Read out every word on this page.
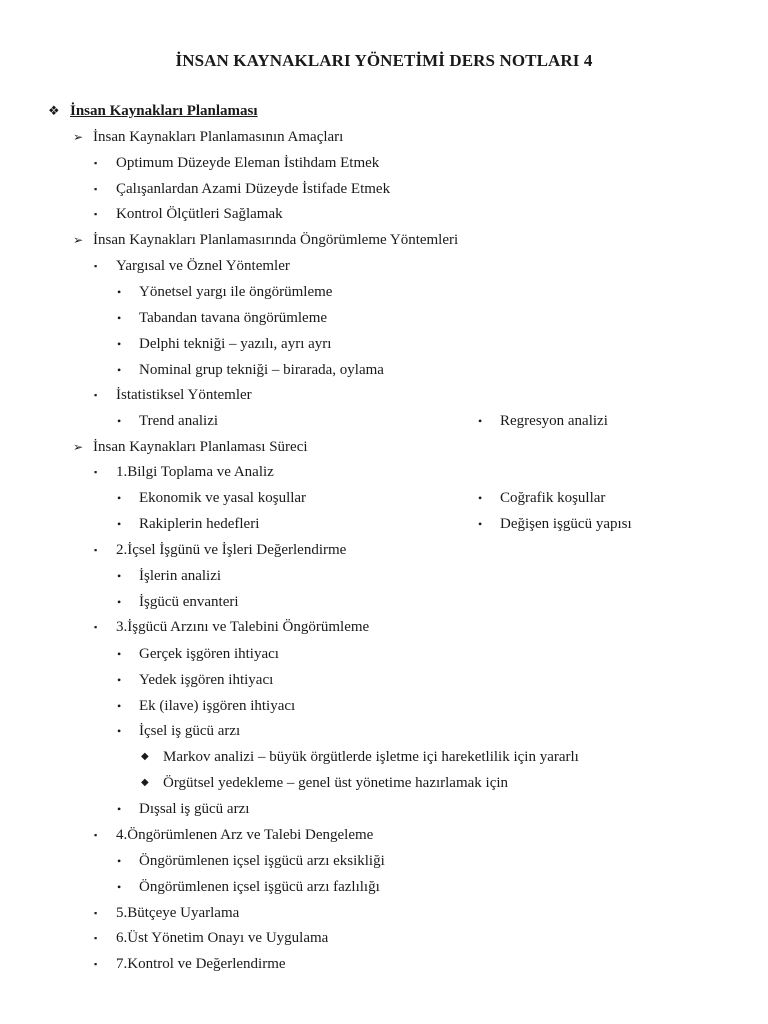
İNSAN KAYNAKLARI YÖNETİMİ DERS NOTLARI 4
❖ İnsan Kaynakları Planlaması
➢ İnsan Kaynakları Planlamasının Amaçları
▪ Optimum Düzeyde Eleman İstihdam Etmek
▪ Çalışanlardan Azami Düzeyde İstifade Etmek
▪ Kontrol Ölçütleri Sağlamak
➢ İnsan Kaynakları Planlamasırında Öngörümleme Yöntemleri
▪ Yargısal ve Öznel Yöntemler
• Yönetsel yargı ile öngörümleme
• Tabandan tavana öngörümleme
• Delphi tekniği – yazılı, ayrı ayrı
• Nominal grup tekniği – birarada, oylama
▪ İstatistiksel Yöntemler
• Trend analizi	• Regresyon analizi
➢ İnsan Kaynakları Planlaması Süreci
▪ 1.Bilgi Toplama ve Analiz
• Ekonomik ve yasal koşullar	• Coğrafik koşullar
• Rakiplerin hedefleri	• Değişen işgücü yapısı
▪ 2.İçsel İşgünü ve İşleri Değerlendirme
• İşlerin analizi
• İşgücü envanteri
▪ 3.İşgücü Arzını ve Talebini Öngörümleme
• Gerçek işgören ihtiyacı
• Yedek işgören ihtiyacı
• Ek (ilave) işgören ihtiyacı
• İçsel iş gücü arzı
◆ Markov analizi – büyük örgütlerde işletme içi hareketlilik için yararlı
◆ Örgütsel yedekleme – genel üst yönetime hazırlamak için
• Dışsal iş gücü arzı
▪ 4.Öngörümlenen Arz ve Talebi Dengeleme
• Öngörümlenen içsel işgücü arzı eksikliği
• Öngörümlenen içsel işgücü arzı fazlılığı
▪ 5.Bütçeye Uyarlama
▪ 6.Üst Yönetim Onayı ve Uygulama
▪ 7.Kontrol ve Değerlendirme
